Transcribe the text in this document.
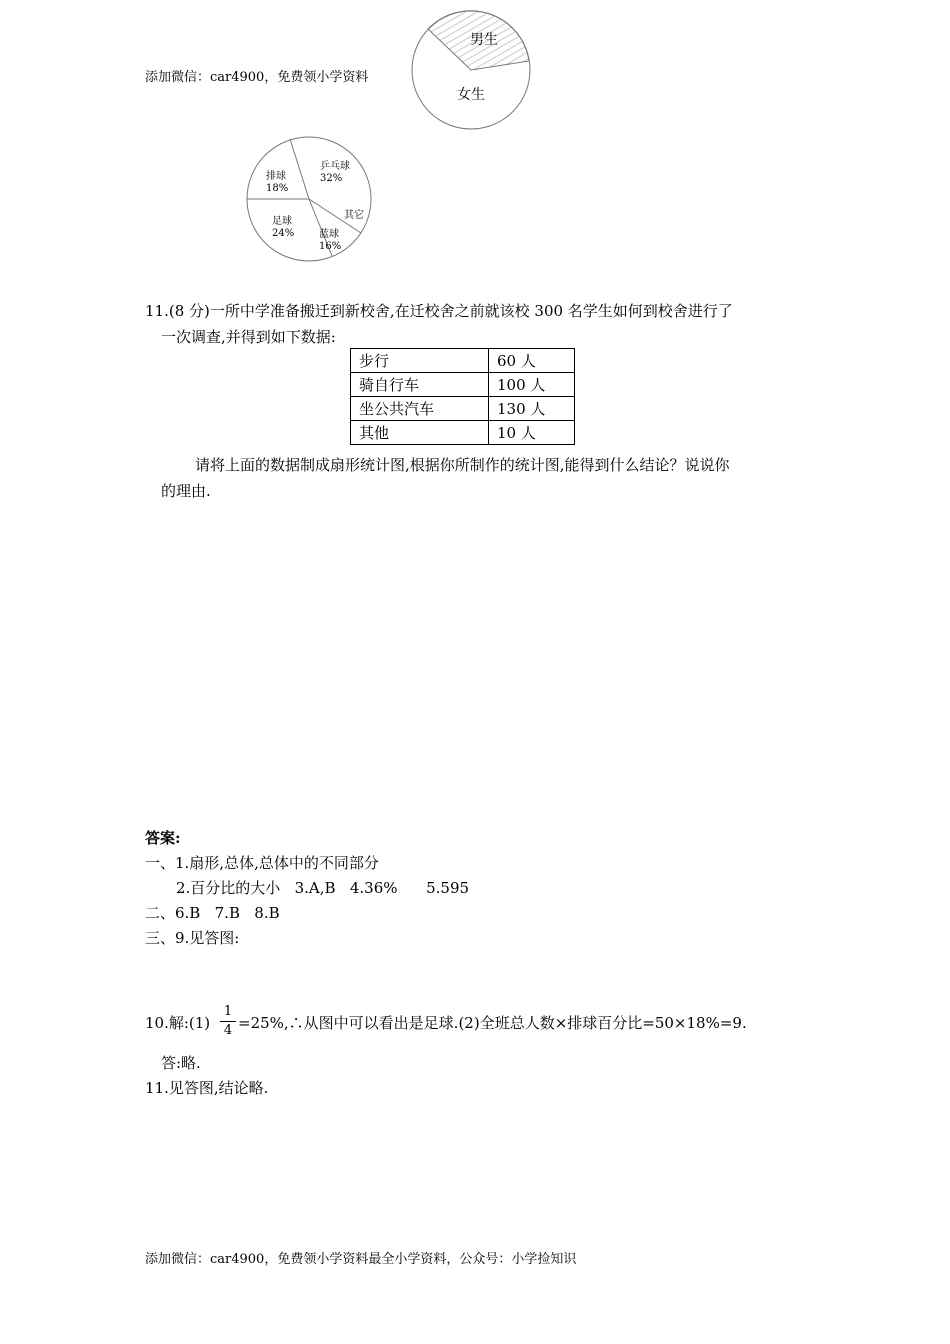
添加微信：car4900，免费领小学资料
男生
女生
乒乓球
32%
排球
18%
足球
24% 蓝球
16%
其它
11.(8 分)一所中学准备搬迁到新校舍,在迁校舍之前就该校 300 名学生如何到校舍进行了
一次调查,并得到如下数据:
步行	60 人
骑自行车	100 人
坐公共汽车	130 人
其他	10 人
请将上面的数据制成扇形统计图,根据你所制作的统计图,能得到什么结论？说说你
的理由.
答案:
一、1.扇形,总体,总体中的不同部分
2.百分比的大小   3.A,B   4.36%      5.595
二、6.B   7.B   8.B
三、9.见答图:
10.解:(1)
1
4 =25%,∴从图中可以看出是足球.(2)全班总人数×排球百分比=50×18%=9.
答:略.
11.见答图,结论略.
添加微信：car4900，免费领小学资料最全小学资料，公众号：小学捡知识
